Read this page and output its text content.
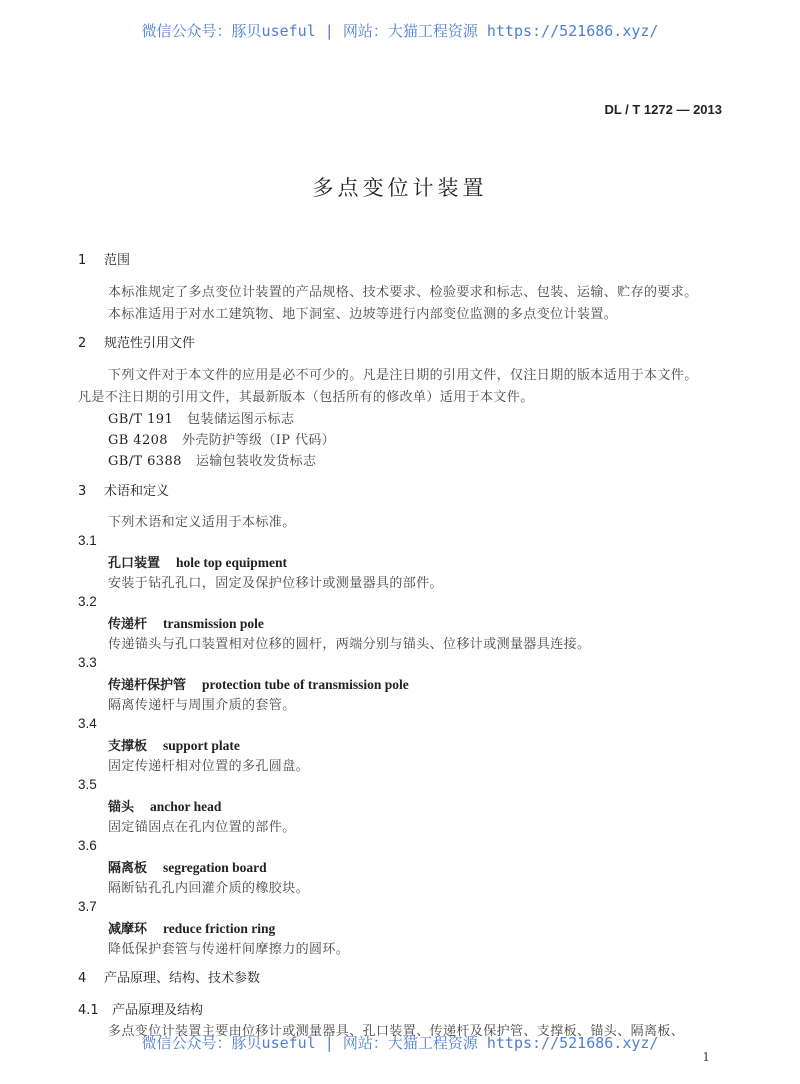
微信公众号：豚贝useful | 网站：大猫工程资源 https://521686.xyz/
DL / T 1272 — 2013
多点变位计装置
1 范围
本标准规定了多点变位计装置的产品规格、技术要求、检验要求和标志、包装、运输、贮存的要求。
本标准适用于对水工建筑物、地下洞室、边坡等进行内部变位监测的多点变位计装置。
2 规范性引用文件
下列文件对于本文件的应用是必不可少的。凡是注日期的引用文件，仅注日期的版本适用于本文件。
凡是不注日期的引用文件，其最新版本（包括所有的修改单）适用于本文件。
GB/T 191 包装储运图示标志
GB 4208 外壳防护等级（IP 代码）
GB/T 6388 运输包装收发货标志
3 术语和定义
下列术语和定义适用于本标准。
3.1
孔口装置 hole top equipment
安装于钻孔孔口，固定及保护位移计或测量器具的部件。
3.2
传递杆 transmission pole
传递锚头与孔口装置相对位移的圆杆，两端分别与锚头、位移计或测量器具连接。
3.3
传递杆保护管 protection tube of transmission pole
隔离传递杆与周围介质的套管。
3.4
支撑板 support plate
固定传递杆相对位置的多孔圆盘。
3.5
锚头 anchor head
固定锚固点在孔内位置的部件。
3.6
隔离板 segregation board
隔断钻孔孔内回灌介质的橡胶块。
3.7
减摩环 reduce friction ring
降低保护套管与传递杆间摩擦力的圆环。
4 产品原理、结构、技术参数
4.1 产品原理及结构
多点变位计装置主要由位移计或测量器具、孔口装置、传递杆及保护管、支撑板、锚头、隔离板、
微信公众号：豚贝useful | 网站：大猫工程资源 https://521686.xyz/
1
